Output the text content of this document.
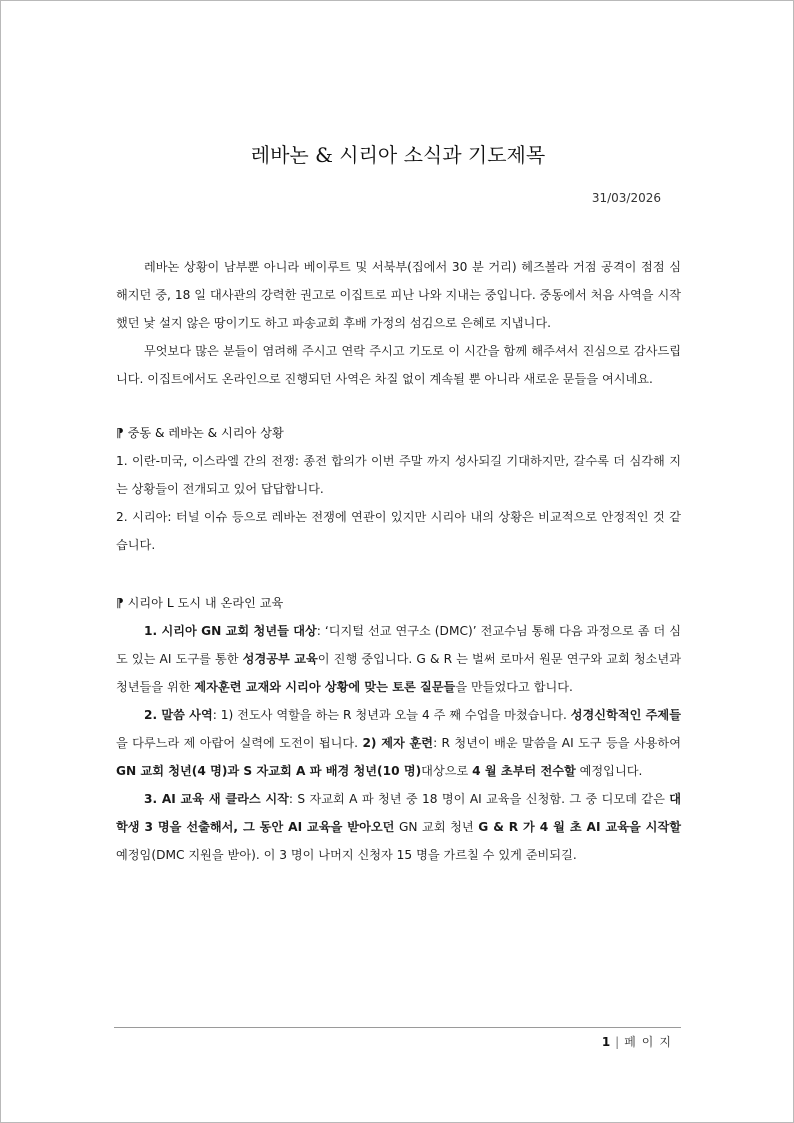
레바논 & 시리아 소식과 기도제목
31/03/2026

레바논 상황이 남부뿐 아니라 베이루트 및 서북부(집에서 30 분 거리) 헤즈볼라 거점 공격이 점점 심해지던 중, 18 일 대사관의 강력한 권고로 이집트로 피난 나와 지내는 중입니다. 중동에서 처음 사역을 시작했던 낯 설지 않은 땅이기도 하고 파송교회 후배 가정의 섬김으로 은혜로 지냅니다.

무엇보다 많은 분들이 염려해 주시고 연락 주시고 기도로 이 시간을 함께 해주셔서 진심으로 감사드립니다. 이집트에서도 온라인으로 진행되던 사역은 차질 없이 계속될 뿐 아니라 새로운 문들을 여시네요.

⁋ 중동 & 레바논 & 시리아 상황

1. 이란-미국, 이스라엘 간의 전쟁: 종전 합의가 이번 주말 까지 성사되길 기대하지만, 갈수록 더 심각해 지는 상황들이 전개되고 있어 답답합니다.

2. 시리아: 터널 이슈 등으로 레바논 전쟁에 연관이 있지만 시리아 내의 상황은 비교적으로 안정적인 것 같습니다.

⁋ 시리아 L 도시 내 온라인 교육

1. 시리아 GN 교회 청년들 대상: ‘디지털 선교 연구소 (DMC)’ 전교수님 통해 다음 과정으로 좀 더 심도 있는 AI 도구를 통한 성경공부 교육이 진행 중입니다. G & R 는 벌써 로마서 원문 연구와 교회 청소년과 청년들을 위한 제자훈련 교재와 시리아 상황에 맞는 토론 질문들을 만들었다고 합니다.

2. 말씀 사역: 1) 전도사 역할을 하는 R 청년과 오늘 4 주 째 수업을 마쳤습니다. 성경신학적인 주제들을 다루느라 제 아랍어 실력에 도전이 됩니다. 2) 제자 훈련: R 청년이 배운 말씀을 AI 도구 등을 사용하여 GN 교회 청년(4 명)과 S 자교회 A 파 배경 청년(10 명)대상으로 4 월 초부터 전수할 예정입니다.

3. AI 교육 새 클라스 시작: S 자교회 A 파 청년 중 18 명이 AI 교육을 신청함. 그 중 디모데 같은 대학생 3 명을 선출해서, 그 동안 AI 교육을 받아오던 GN 교회 청년 G & R 가 4 월 초 AI 교육을 시작할 예정임(DMC 지원을 받아). 이 3 명이 나머지 신청자 15 명을 가르칠 수 있게 준비되길.

1 | 페이지
